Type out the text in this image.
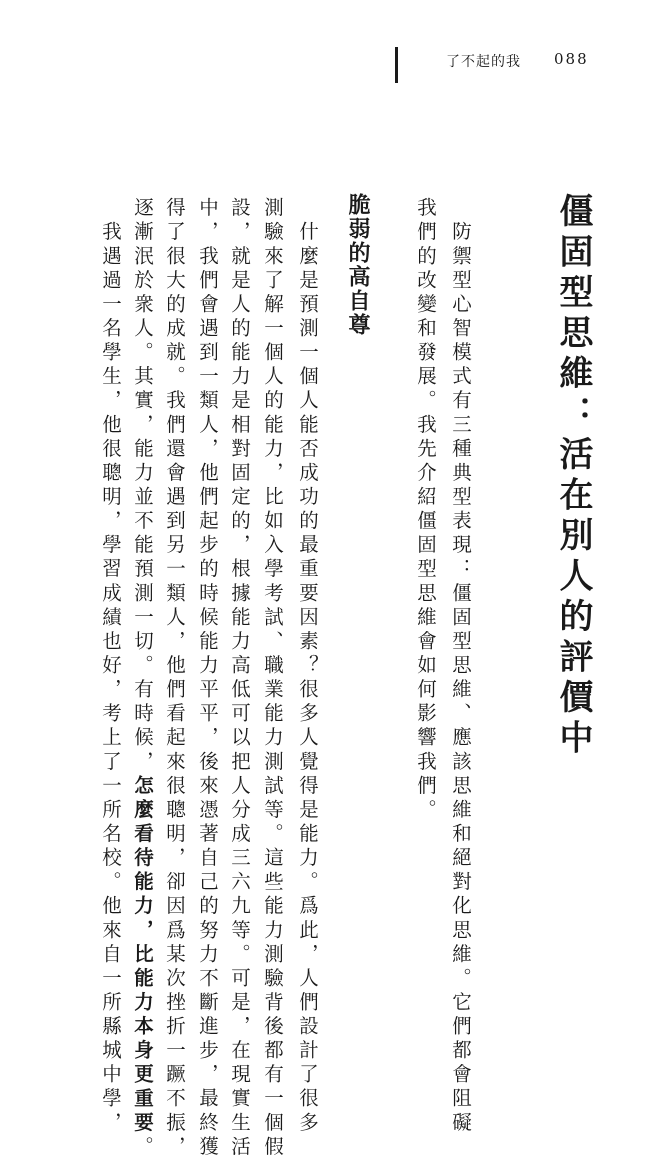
了不起的我 088
僵固型思維：活在別人的評價中
　防禦型心智模式有三種典型表現：僵固型思維、應該思維和絕對化思維。它們都會阻礙
我們的改變和發展。我先介紹僵固型思維會如何影響我們。
脆弱的高自尊
　什麼是預測一個人能否成功的最重要因素？很多人覺得是能力。爲此，人們設計了很多
測驗來了解一個人的能力，比如入學考試、職業能力測試等。這些能力測驗背後都有一個假
設，就是人的能力是相對固定的，根據能力高低可以把人分成三六九等。可是，在現實生活
中，我們會遇到一類人，他們起步的時候能力平平，後來憑著自己的努力不斷進步，最終獲
得了很大的成就。我們還會遇到另一類人，他們看起來很聰明，卻因爲某次挫折一蹶不振，
逐漸泯於衆人。其實，能力並不能預測一切。有時候，怎麼看待能力，比能力本身更重要。
　我遇過一名學生，他很聰明，學習成績也好，考上了一所名校。他來自一所縣城中學，
